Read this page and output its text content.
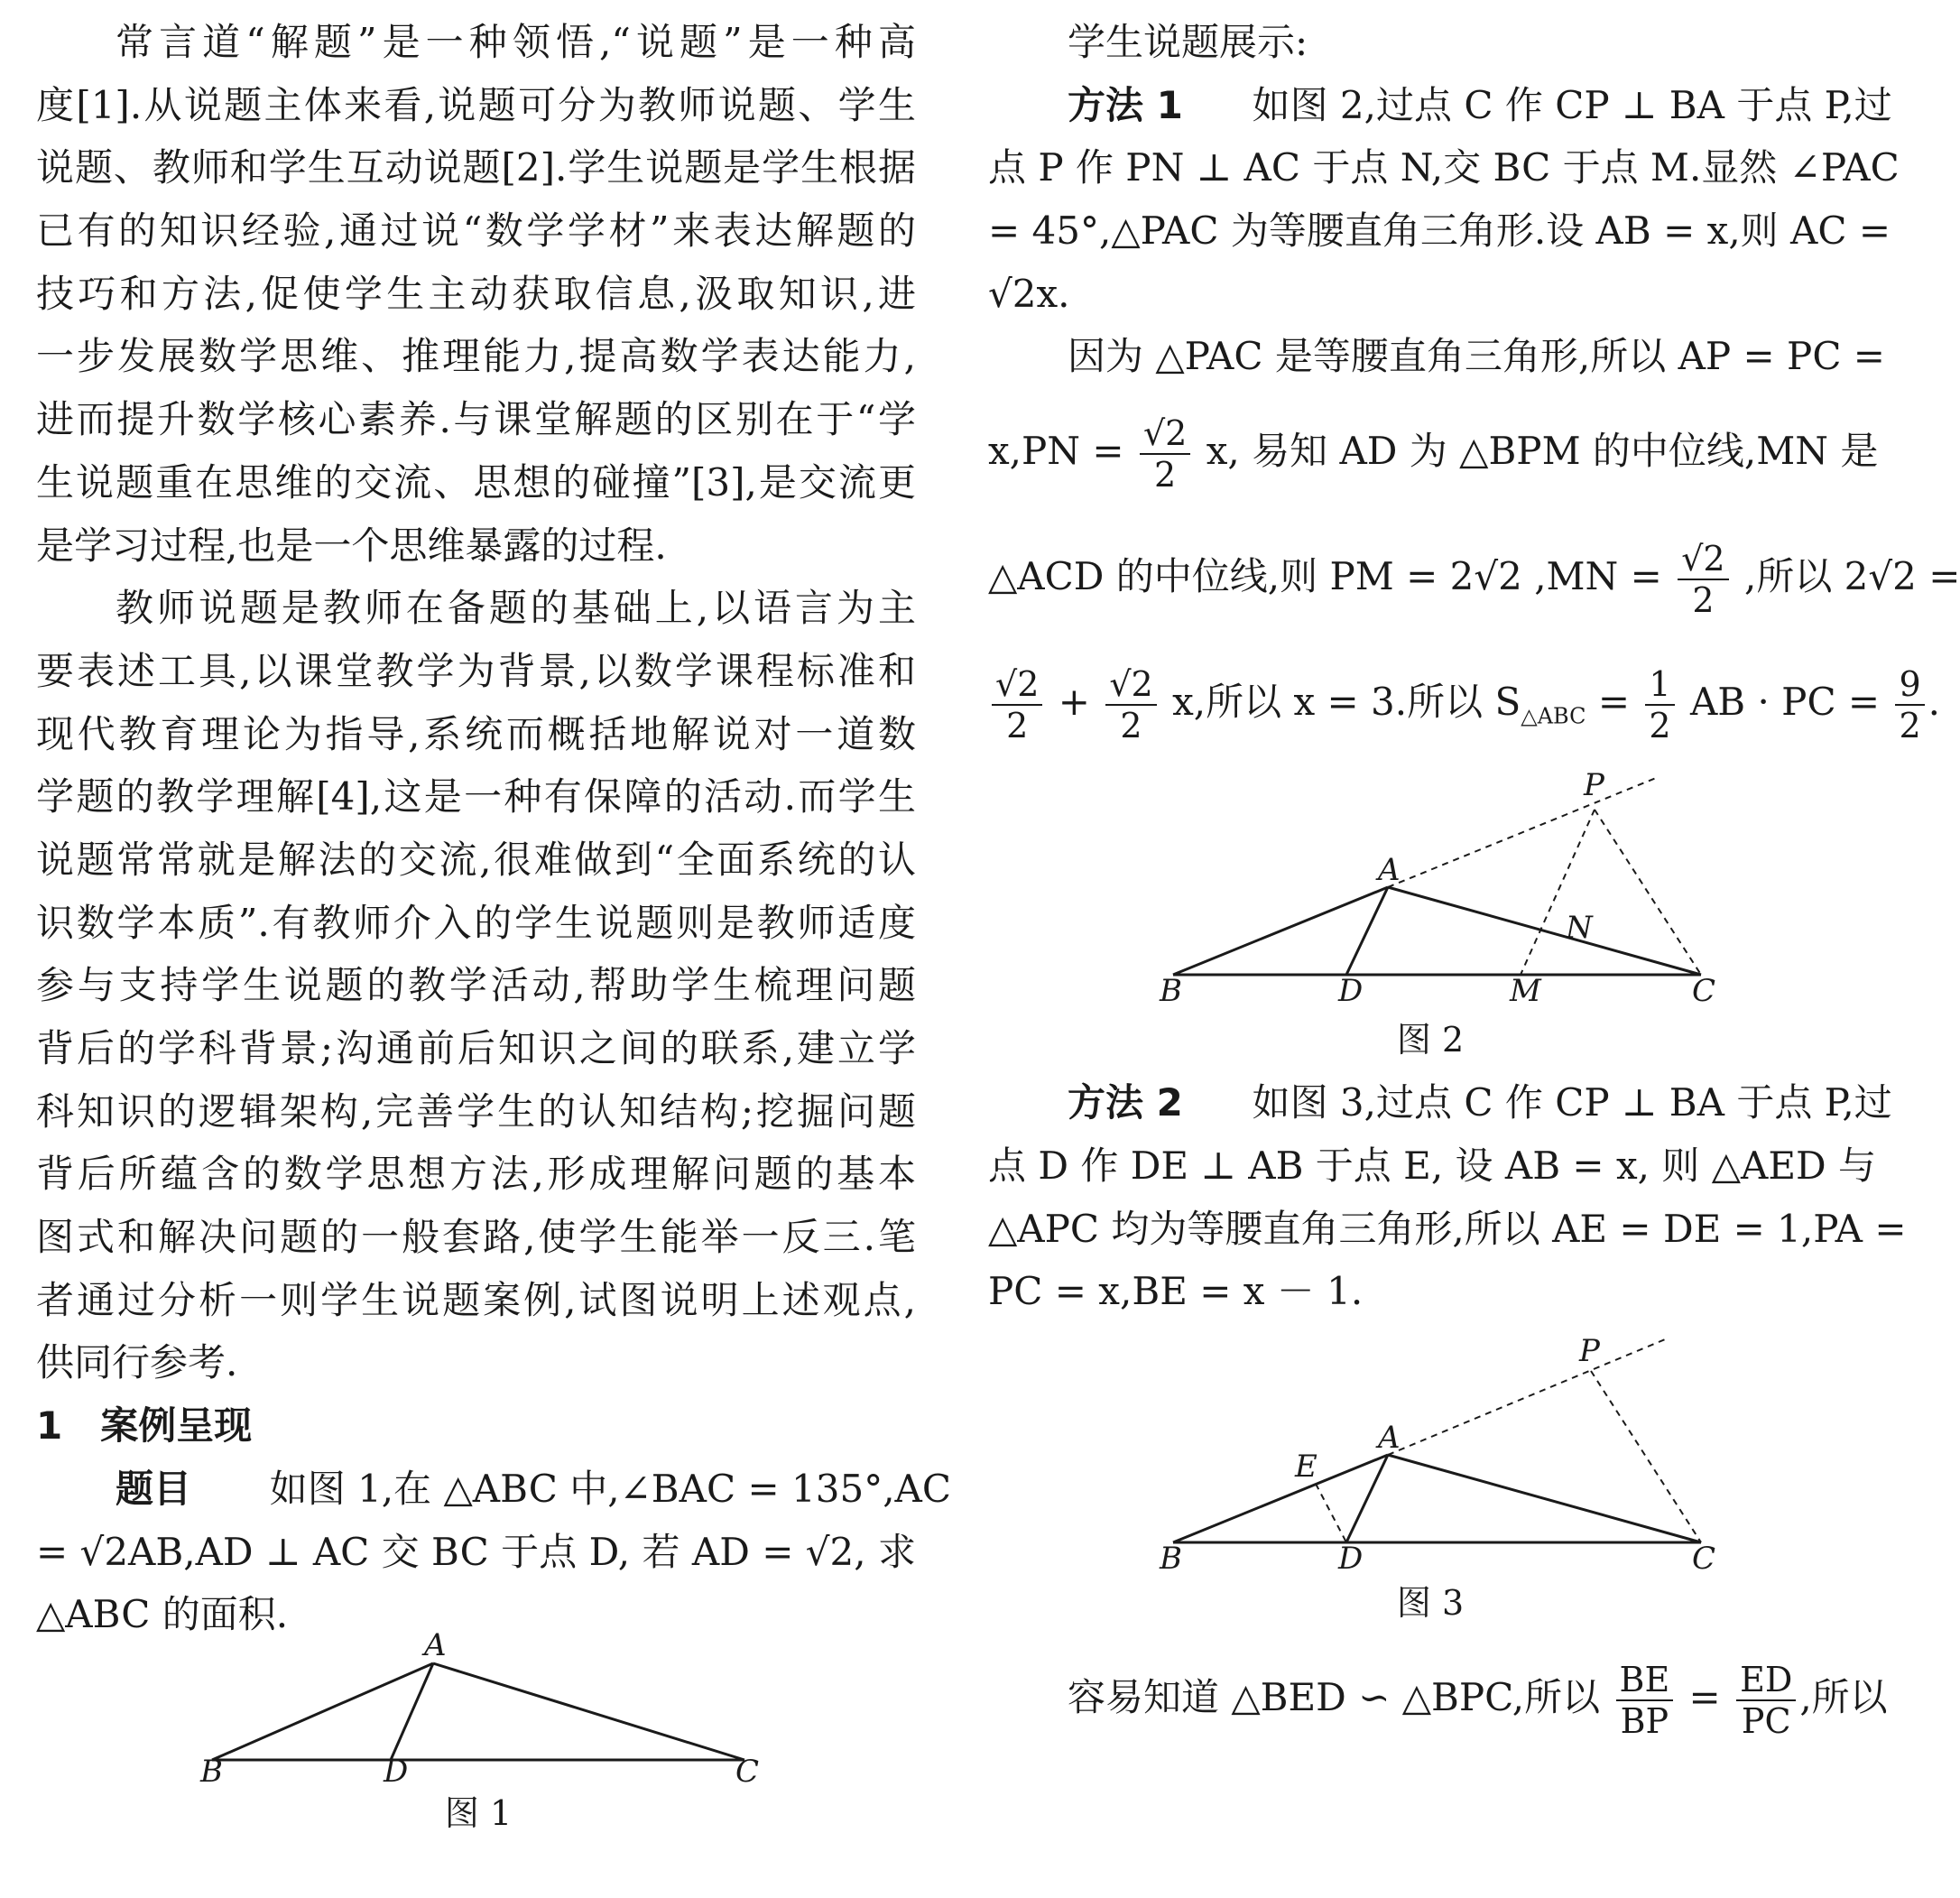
常言道“解题”是一种领悟,“说题”是一种高
度[1].从说题主体来看,说题可分为教师说题、学生
说题、教师和学生互动说题[2].学生说题是学生根据
已有的知识经验,通过说“数学学材”来表达解题的
技巧和方法,促使学生主动获取信息,汲取知识,进
一步发展数学思维、推理能力,提高数学表达能力,
进而提升数学核心素养.与课堂解题的区别在于“学
生说题重在思维的交流、思想的碰撞”[3],是交流更
是学习过程,也是一个思维暴露的过程.
教师说题是教师在备题的基础上,以语言为主
要表述工具,以课堂教学为背景,以数学课程标准和
现代教育理论为指导,系统而概括地解说对一道数
学题的教学理解[4],这是一种有保障的活动.而学生
说题常常就是解法的交流,很难做到“全面系统的认
识数学本质”.有教师介入的学生说题则是教师适度
参与支持学生说题的教学活动,帮助学生梳理问题
背后的学科背景;沟通前后知识之间的联系,建立学
科知识的逻辑架构,完善学生的认知结构;挖掘问题
背后所蕴含的数学思想方法,形成理解问题的基本
图式和解决问题的一般套路,使学生能举一反三.笔
者通过分析一则学生说题案例,试图说明上述观点,
供同行参考.
1　案例呈现
题目 如图 1,在 △ABC 中,∠BAC = 135°,AC
= √2AB,AD ⊥ AC 交 BC 于点 D, 若 AD = √2, 求
△ABC 的面积.
A
B	D	C
图 1
学生说题展示:
方法 1 如图 2,过点 C 作 CP ⊥ BA 于点 P,过
点 P 作 PN ⊥ AC 于点 N,交 BC 于点 M.显然 ∠PAC
= 45°,△PAC 为等腰直角三角形.设 AB = x,则 AC =
√2x.
因为 △PAC 是等腰直角三角形,所以 AP = PC =
$x,PN = \frac{√2}{2} x$, 易知 AD 为 △BPM 的中位线,MN 是
△ACD 的中位线,则 PM = 2√2 $,MN = \frac{√2}{2}$ ,所以 2√2 =
$\frac{√2}{2} + \frac{√2}{2} x$,所以 x = 3.所以 $S_{\triangle ABC} = \frac{1}{2}$ AB · PC = $\frac{9}{2}$ .
P
A
N
B	D	M	C
图 2
方法 2 如图 3,过点 C 作 CP ⊥ BA 于点 P,过
点 D 作 DE ⊥ AB 于点 E, 设 AB = x, 则 △AED 与
△APC 均为等腰直角三角形,所以 AE = DE = 1,PA =
PC = x,BE = x － 1.
P
A
E
B	D	C
图 3
容易知道 △BED ∽ △BPC,所以 $\frac{BE}{BP} = \frac{ED}{PC}$ ,所以
